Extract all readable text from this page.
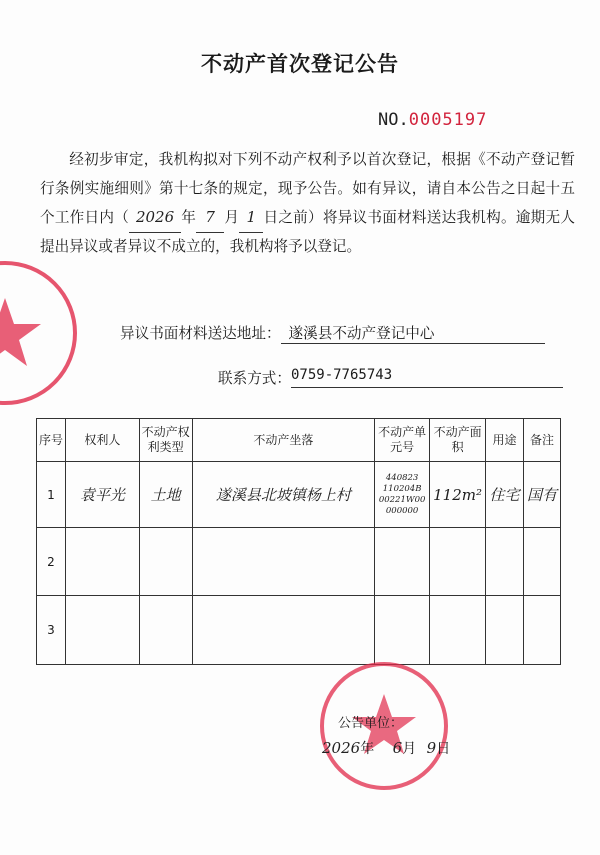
不动产首次登记公告
NO.0005197
经初步审定，我机构拟对下列不动产权利予以首次登记，根据《不动产登记暂行条例实施细则》第十七条的规定，现予公告。如有异议，请自本公告之日起十五个工作日内（ 2026 年 7 月 1 日之前）将异议书面材料送达我机构。逾期无人提出异议或者异议不成立的，我机构将予以登记。
异议书面材料送达地址： 遂溪县不动产登记中心
联系方式： 0759-7765743
序号	权利人	不动产权利类型	不动产坐落	不动产单元号	不动产面积	用途	备注
1	袁平光	土地	遂溪县北坡镇杨上村	440823 110204B 00221W00 000000	112m²	住宅	国有
2							
3							
公告单位：
2026年 6月 9日
